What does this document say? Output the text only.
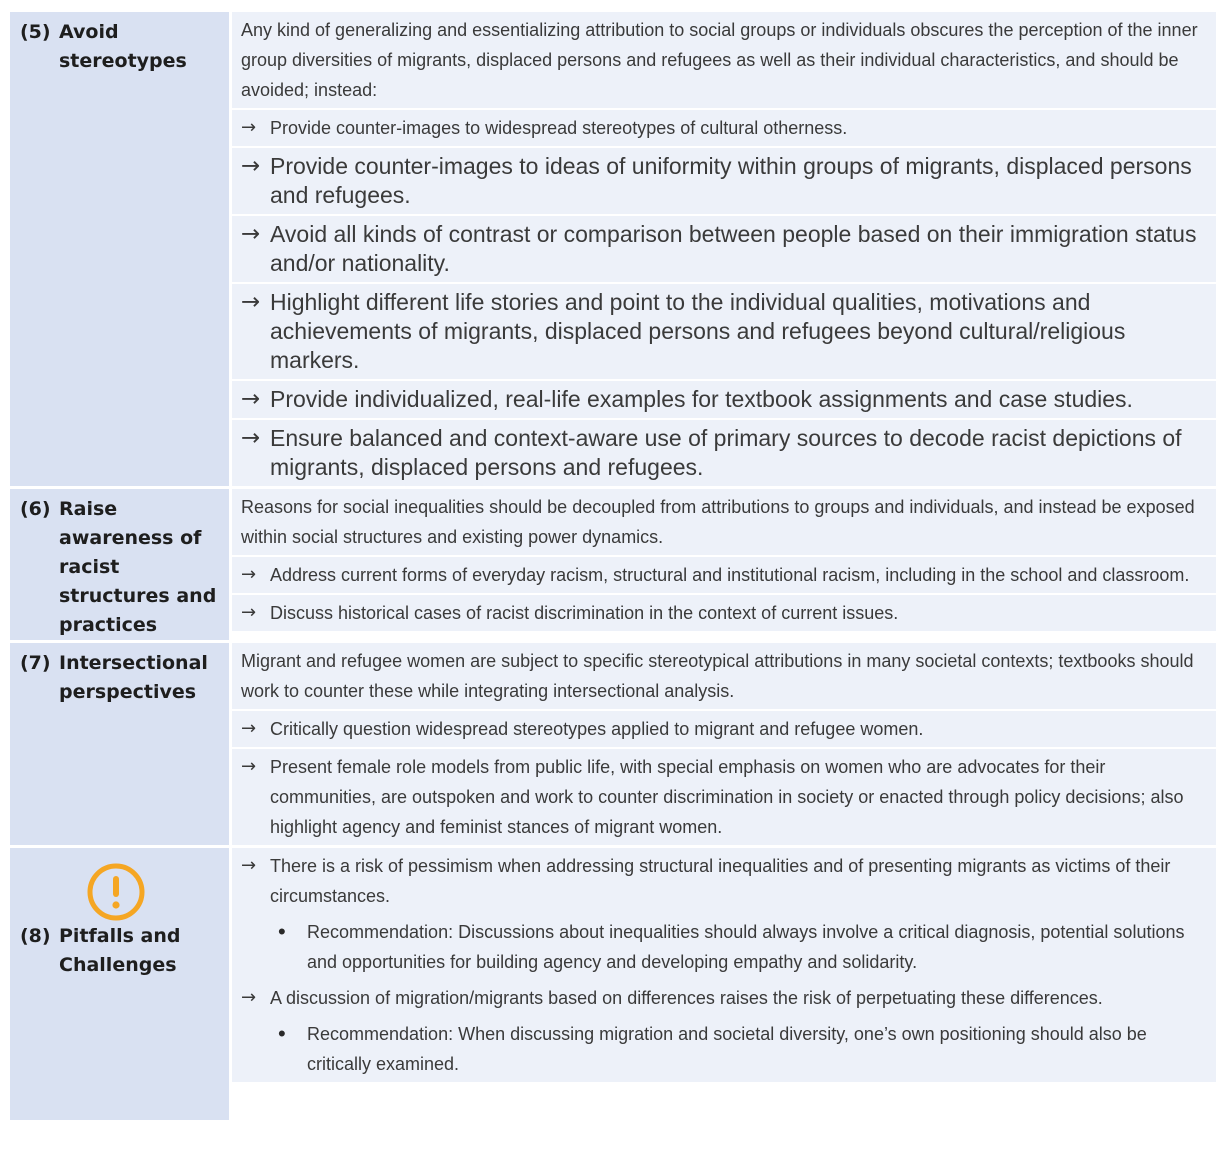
(5) Avoid stereotypes
Any kind of generalizing and essentializing attribution to social groups or individuals obscures the perception of the inner group diversities of migrants, displaced persons and refugees as well as their individual characteristics, and should be avoided; instead:
→ Provide counter-images to widespread stereotypes of cultural otherness.
→ Provide counter-images to ideas of uniformity within groups of migrants, displaced persons and refugees.
→ Avoid all kinds of contrast or comparison between people based on their immigration status and/or nationality.
→ Highlight different life stories and point to the individual qualities, motivations and achievements of migrants, displaced persons and refugees beyond cultural/religious markers.
→ Provide individualized, real-life examples for textbook assignments and case studies.
→ Ensure balanced and context-aware use of primary sources to decode racist depictions of migrants, displaced persons and refugees.
(6) Raise awareness of racist structures and practices
Reasons for social inequalities should be decoupled from attributions to groups and individuals, and instead be exposed within social structures and existing power dynamics.
→ Address current forms of everyday racism, structural and institutional racism, including in the school and classroom.
→ Discuss historical cases of racist discrimination in the context of current issues.
(7) Intersectional perspectives
Migrant and refugee women are subject to specific stereotypical attributions in many societal contexts; textbooks should work to counter these while integrating intersectional analysis.
→ Critically question widespread stereotypes applied to migrant and refugee women.
→ Present female role models from public life, with special emphasis on women who are advocates for their communities, are outspoken and work to counter discrimination in society or enacted through policy decisions; also highlight agency and feminist stances of migrant women.
(8) Pitfalls and Challenges
→ There is a risk of pessimism when addressing structural inequalities and of presenting migrants as victims of their circumstances.
•	Recommendation: Discussions about inequalities should always involve a critical diagnosis, potential solutions and opportunities for building agency and developing empathy and solidarity.
→ A discussion of migration/migrants based on differences raises the risk of perpetuating these differences.
•	Recommendation: When discussing migration and societal diversity, one’s own positioning should also be critically examined.
